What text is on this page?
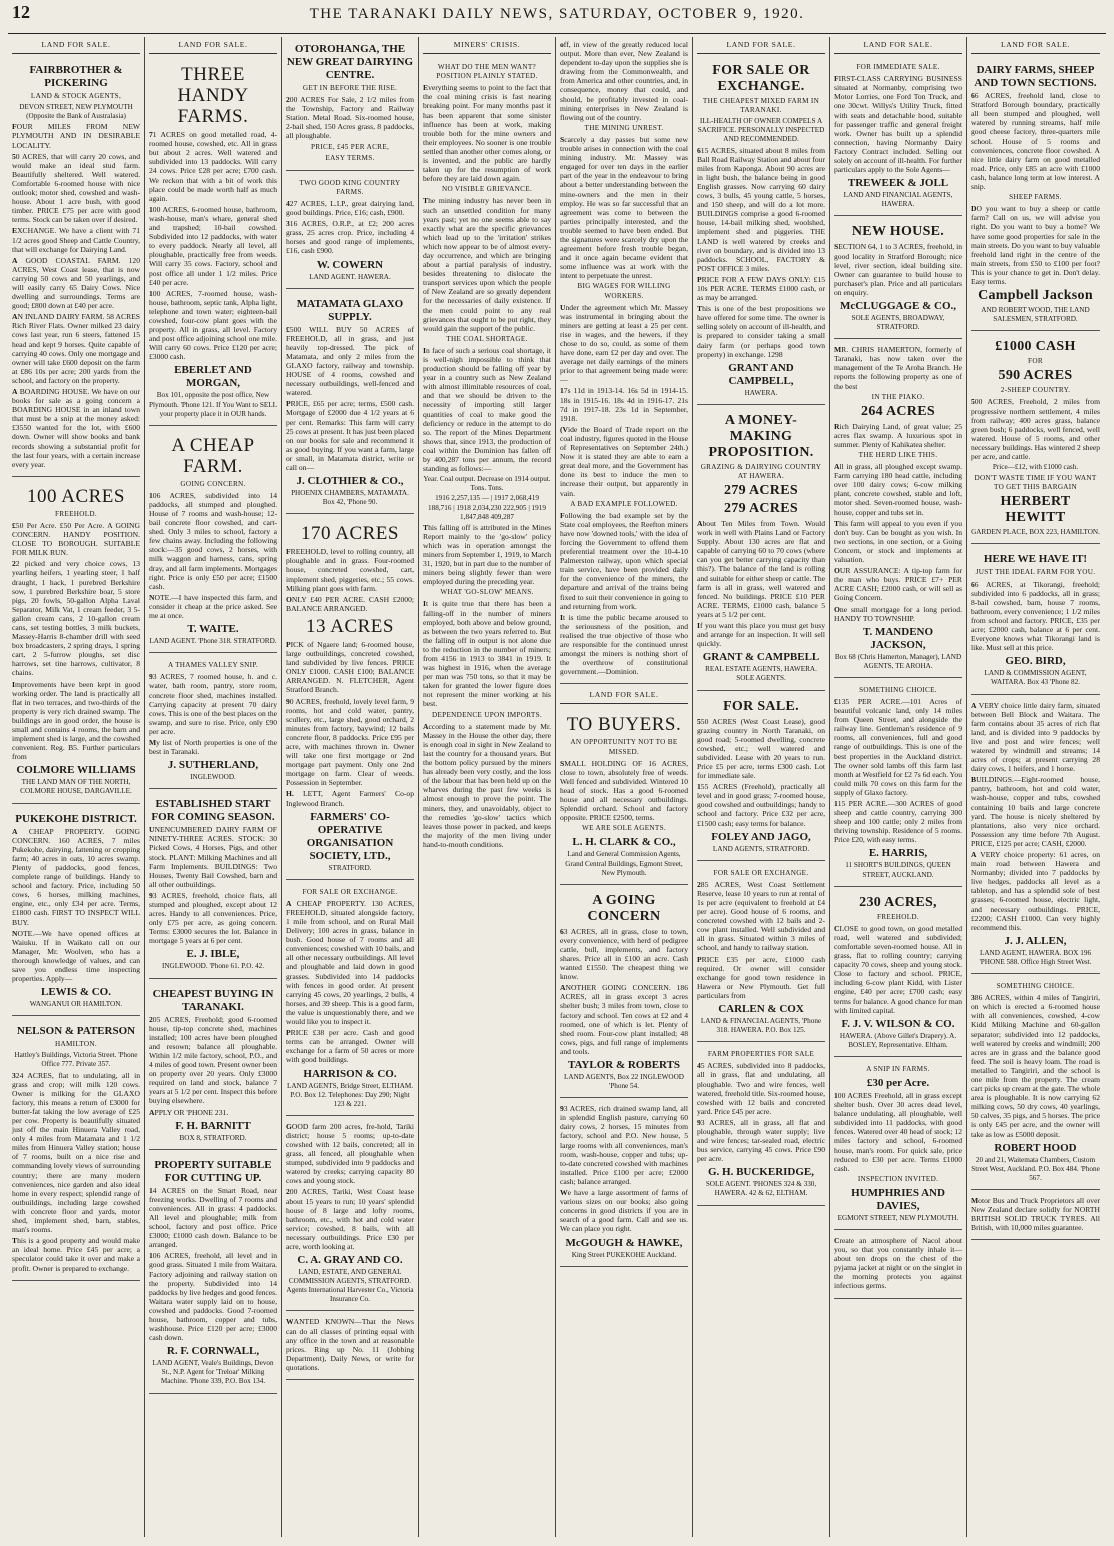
12	THE TARANAKI DAILY NEWS, SATURDAY, OCTOBER 9, 1920.
LAND FOR SALE.
FAIRBROTHER & PICKERING
LAND & STOCK AGENTS,
DEVON STREET, NEW PLYMOUTH (Opposite the Bank of Australasia)

FOUR MILES FROM NEW PLYMOUTH AND IN DESIRABLE LOCALITY.

50 ACRES, that will carry 20 cows, and would make an ideal stud farm. Beautifully sheltered. Well watered. Comfortable 6-roomed house with nice outlook; motor shed, cowshed and wash-house. About 1 acre bush, with good timber. PRICE £75 per acre with good terms. Stock can be taken over if desired.

EXCHANGE. We have a client with 71 1/2 acres good Sheep and Cattle Country, that will exchange for Dairying Land.

A GOOD COASTAL FARM. 120 ACRES, West Coast lease, that is now carrying 50 cows and 50 yearlings, and will easily carry 65 Dairy Cows. Nice dwelling and surroundings. Terms are good; £800 down at £40 per acre.

AN INLAND DAIRY FARM. 58 ACRES Rich River Flats. Owner milked 23 dairy cows last year, run 6 steers, fattened 15 head and kept 9 horses. Quite capable of carrying 40 cows. Only one mortgage and owner will take £600 deposit on the farm at £86 10s per acre; 200 yards from the school, and factory on the property.

A BOARDING HOUSE. We have on our books for sale as a going concern a BOARDING HOUSE in an inland town that must be a snip at the money asked: £3550 wanted for the lot, with £600 down. Owner will show books and bank records showing a substantial profit for the last four years, with a certain increase every year.

100 ACRES
FREEHOLD.

£50 Per Acre. £50 Per Acre. A GOING CONCERN. HANDY POSITION. CLOSE TO BOROUGH. SUITABLE FOR MILK RUN.

22 picked and very choice cows, 13 yearling heifers, 1 yearling steer, 1 half draught, 1 hack, 1 purebred Berkshire sow, 1 purebred Berkshire boar, 5 store pigs, 20 fowls, 50-gallon Alpha Laval Separator, Milk Vat, 1 cream feeder, 3 5-gallon cream cans, 2 10-gallon cream cans, set testing bottles, 3 milk buckets, Massey-Harris 8-chamber drill with seed box broadcasters, 2 spring drays, 1 spring cart, 2 5-furrow ploughs, set disc harrows, set tine harrows, cultivator, 8 chains.

Improvements have been kept in good working order. The land is practically all flat in two terraces, and two-thirds of the property is very rich drained swamp. The buildings are in good order, the house is small and contains 4 rooms, the barn and implement shed is large, and the cowshed convenient. Reg. B5. Further particulars from

COLMORE WILLIAMS
THE LAND MAN OF THE NORTH, COLMORE HOUSE, DARGAVILLE.
PUKEKOHE DISTRICT.

A CHEAP PROPERTY. GOING CONCERN. 160 ACRES, 7 miles Pukekohe, dairying, fattening or cropping farm; 40 acres in oats, 10 acres swamp. Plenty of paddocks, good fences, complete range of buildings. Handy to school and factory. Price, including 50 cows, 6 horses, milking machines, engine, etc., only £34 per acre. Terms, £1800 cash. FIRST TO INSPECT WILL BUY.

NOTE.—We have opened offices at Waiuku. If in Waikato call on our Manager, Mr. Woolven, who has a thorough knowledge of values, and can save you endless time inspecting properties. Apply—

LEWIS & CO.
WANGANUI OR HAMILTON.
NELSON & PATERSON
HAMILTON.
Hattley's Buildings, Victoria Street. 'Phone Office 777. Private 357.

324 ACRES, flat to undulating, all in grass and crop; will milk 120 cows. Owner is milking for the GLAXO factory, this means a return of £3000 for butter-fat taking the low average of £25 per cow. Property is beautifully situated just off the main Hinuera Valley road, only 4 miles from Matamata and 1 1/2 miles from Hinuera Valley station; house of 7 rooms, built on a nice rise and commanding lovely views of surrounding country; there are many modern conveniences, nice garden and also ideal home in every respect; splendid range of outbuildings, including large cowshed with concrete floor and yards, motor shed, implement shed, barn, stables, man's rooms.

This is a good property and would make an ideal home. Price £45 per acre; a speculator could take it over and make a profit. Owner is prepared to exchange.

LAND FOR SALE.
THREE HANDY FARMS.

71 ACRES on good metalled road, 4-roomed house, cowshed, etc. All in grass but about 2 acres. Well watered and subdivided into 13 paddocks. Will carry 24 cows. Price £28 per acre; £700 cash. We reckon that with a bit of work this place could be made worth half as much again.

100 ACRES, 6-roomed house, bathroom, wash-house, man's whare, general shed and trapshed; 10-bail cowshed. Subdivided into 12 paddocks, with water to every paddock. Nearly all level, all ploughable, practically free from weeds. Will carry 35 cows. Factory, school and post office all under 1 1/2 miles. Price £40 per acre.

100 ACRES, 7-roomed house, wash-house, bathroom, septic tank, Alpha light, telephone and town water; eighteen-bail cowshed, four-cow plant goes with the property. All in grass, all level. Factory and post office adjoining school one mile. Will carry 60 cows. Price £120 per acre; £3000 cash.

EBERLET AND MORGAN,
Box 101, opposite the post office, New Plymouth. 'Phone 121. If You Want to SELL your property place it in OUR hands.
A CHEAP FARM.
GOING CONCERN.

106 ACRES, subdivided into 14 paddocks, all stumped and ploughed. House of 7 rooms and wash-house; 12-bail concrete floor cowshed, and cart-shed. Only 3 miles to school, factory a few chains away. Including the following stock:—35 good cows, 2 horses, with milk waggon and harness, cans, spring dray, and all farm implements. Mortgages right. Price is only £50 per acre; £1500 cash.

NOTE.—I have inspected this farm, and consider it cheap at the price asked. See me at once.

T. WAITE.
LAND AGENT. 'Phone 318. STRATFORD.
A THAMES VALLEY SNIP.

93 ACRES, 7 roomed house, h. and c. water, bath room, pantry, store room, concrete floor shed, machines installed. Carrying capacity at present 70 dairy cows. This is one of the best places on the swamp, and sure to rise. Price, only £90 per acre.

My list of North properties is one of the best in Taranaki.

J. SUTHERLAND,
INGLEWOOD.
ESTABLISHED START FOR COMING SEASON.

UNENCUMBERED DAIRY FARM OF NINETY-THREE ACRES. STOCK: 30 Picked Cows, 4 Horses, Pigs, and other stock. PLANT: Milking Machines and all Farm Implements. BUILDINGS: Two Houses, Twenty Bail Cowshed, barn and all other outbuildings.

93 ACRES, freehold, choice flats, all stumped and ploughed, except about 12 acres. Handy to all conveniences. Price, only £75 per acre, as going concern. Terms: £3000 secures the lot. Balance in mortgage 5 years at 6 per cent.

E. J. IBLE,
INGLEWOOD. 'Phone 61. P.O. 42.
CHEAPEST BUYING IN TARANAKI.

205 ACRES, Freehold; good 6-roomed house, tip-top concrete shed, machines installed; 100 acres have been ploughed and resown; balance all ploughable. Within 1/2 mile factory, school, P.O., and 4 miles of good town. Present owner been on property over 20 years. Only £3000 required on land and stock, balance 7 years at 5 1/2 per cent. Inspect this before buying elsewhere.

APPLY OR 'PHONE 231.

F. H. BARNITT
BOX 8, STRATFORD.
PROPERTY SUITABLE FOR CUTTING UP.

14 ACRES on the Smart Road, near freezing works. Dwelling of 7 rooms and conveniences. All in grass: 4 paddocks. All level and ploughable; milk from school, factory and post office. Price £3000; £1000 cash down. Balance to be arranged.

106 ACRES, freehold, all level and in good grass. Situated 1 mile from Waitara. Factory adjoining and railway station on the property. Subdivided into 14 paddocks by live hedges and good fences. Waitara water supply laid on to house, cowshed and paddocks. Good 7-roomed house, bathroom, copper and tubs, washhouse. Price £120 per acre; £3000 cash down.

R. F. CORNWALL,
LAND AGENT, Veale's Buildings, Devon St., N.P. Agent for 'Treloar' Milking Machine. 'Phone 339, P.O. Box 134.
OTOROHANGA, THE NEW GREAT DAIRYING CENTRE.
GET IN BEFORE THE RISE.

200 ACRES For Sale, 2 1/2 miles from the Township, Factory and Railway Station. Metal Road. Six-roomed house, 2-bail shed, 150 Acres grass, 8 paddocks, all ploughable.

PRICE, £45 PER ACRE,
EASY TERMS.
TWO GOOD KING COUNTRY FARMS.

427 ACRES, L.I.P., great dairying land, good buildings. Price, £16; cash, £900.

316 ACRES, O.R.P., at £2; 200 acres grass, 25 acres crop. Price, including 4 horses and good range of implements, £16, cash £900.

W. COWERN
LAND AGENT. HAWERA.
MATAMATA GLAXO SUPPLY.

£500 WILL BUY 50 ACRES of FREEHOLD, all in grass, and just heavily top-dressed. The pick of Matamata, and only 2 miles from the GLAXO factory, railway and township. HOUSE of 4 rooms, cowshed and necessary outbuildings, well-fenced and watered.

PRICE, £65 per acre; terms, £500 cash. Mortgage of £2000 due 4 1/2 years at 6 per cent. Remarks: This farm will carry 25 cows at present. It has just been placed on our books for sale and recommend it as good buying. If you want a farm, large or small, in Matamata district, write or call on—

J. CLOTHIER & CO.,
PHOENIX CHAMBERS, MATAMATA. Box 42, 'Phone 90.
170 ACRES

FREEHOLD, level to rolling country, all ploughable and in grass. Four-roomed house, concreted cowshed, cart, implement shed, piggeries, etc.; 55 cows. Milking plant goes with farm.

ONLY £40 PER ACRE. CASH £2000; BALANCE ARRANGED.

13 ACRES

PICK of Ngaere land; 6-roomed house, large outbuildings, concreted cowshed, land subdivided by live fences. PRICE ONLY £1000. CASH £100; BALANCE ARRANGED. N. FLETCHER, Agent Stratford Branch.

90 ACRES, freehold, lovely level farm, 9 rooms, hot and cold water, pantry, scullery, etc., large shed, good orchard, 2 minutes from factory, baywind; 12 bails concrete floor, 8 paddocks. Price £95 per acre, with machines thrown in. Owner will take one first mortgage or 2nd mortgage part payment. Only one 2nd mortgage on farm. Clear of weeds. Possession in September.

H. LETT, Agent Farmers' Co-op Inglewood Branch.

FARMERS' CO-OPERATIVE ORGANISATION SOCIETY, LTD.,
STRATFORD.
FOR SALE OR EXCHANGE.

A CHEAP PROPERTY. 130 ACRES, FREEHOLD, situated alongside factory, 1 mile from school, and on Rural Mail Delivery; 100 acres in grass, balance in bush. Good house of 7 rooms and all conveniences; cowshed with 10 bails, and all other necessary outbuildings. All level and ploughable and laid down in good grasses. Subdivided into 14 paddocks with fences in good order. At present carrying 45 cows, 20 yearlings, 2 bulls, 4 horses, and 39 sheep. This is a good farm, the value is unquestionably there, and we would like you to inspect it.

PRICE £38 per acre. Cash and good terms can be arranged. Owner will exchange for a farm of 50 acres or more with good buildings.

HARRISON & CO.
LAND AGENTS, Bridge Street, ELTHAM. P.O. Box 12. Telephones: Day 290; Night 123 & 221.

GOOD farm 200 acres, fre-hold, Tariki district; house 5 rooms; up-to-date cowshed with 12 bails, concreted; all in grass, all fenced, all ploughable when stumped, subdivided into 9 paddocks and watered by creeks; carrying capacity 80 cows and young stock.

200 ACRES, Tariki, West Coast lease about 15 years to run; 10 years' splendid house of 8 large and lofty rooms, bathroom, etc., with hot and cold water service; cowshed, 8 bails, with all necessary outbuildings. Price £30 per acre, worth looking at.

C. A. GRAY AND CO.
LAND, ESTATE, AND GENERAL COMMISSION AGENTS, STRATFORD. Agents International Harvester Co., Victoria Insurance Co.

WANTED KNOWN—That the News can do all classes of printing equal with any office in the town and at reasonable prices. Ring up No. 11 (Jobbing Department), Daily News, or write for quotations.

MINERS' CRISIS.
WHAT DO THE MEN WANT? POSITION PLAINLY STATED.

Everything seems to point to the fact that the coal mining crisis is fast nearing breaking point. For many months past it has been apparent that some sinister influence has been at work, making trouble both for the mine owners and their employees. No sooner is one trouble settled than another other comes along, or is invented, and the public are hardly taken up for the resumption of work before they are laid down again.

NO VISIBLE GRIEVANCE.

The mining industry has never been in such an unsettled condition for many years past; yet no one seems able to say exactly what are the specific grievances which lead up to the 'irritation' strikes which now appear to be of almost every-day occurrence, and which are bringing about a partial paralysis of industry, besides threatening to dislocate the transport services upon which the people of New Zealand are so greatly dependent for the necessaries of daily existence. If the men could point to any real grievances that ought to be put right, they would gain the support of the public.

THE COAL SHORTAGE.

In face of such a serious coal shortage, it is well-nigh impossible to think that production should be falling off year by year in a country such as New Zealand with almost illimitable resources of coal, and that we should be driven to the necessity of importing still larger quantities of coal to make good the deficiency or reduce in the attempt to do so. The report of the Mines Department shows that, since 1913, the production of coal within the Dominion has fallen off by 400,287 tons per annum, the record standing as follows:—

Year. Coal output. Decrease on 1914 output. Tons. Tons.
1916 2,257,135 — | 1917 2,068,419 188,716 | 1918 2,034,230 222,905 | 1919 1,847,848 409,287

This falling off is attributed in the Mines Report mainly to the 'go-slow' policy which was in operation amongst the miners from September 1, 1919, to March 31, 1920, but in part due to the number of miners being slightly fewer than were employed during the preceding year.

WHAT 'GO-SLOW' MEANS.

It is quite true that there has been a falling-off in the number of miners employed, both above and below ground, as between the two years referred to. But the falling off in output is not alone due to the reduction in the number of miners; from 4156 in 1913 to 3841 in 1919. It was highest in 1916, when the average per man was 750 tons, so that it may be taken for granted the lower figure does not represent the miner working at his best.

DEPENDENCE UPON IMPORTS.

According to a statement made by Mr. Massey in the House the other day, there is enough coal in sight in New Zealand to last the country for a thousand years. But the bottom policy pursued by the miners has already been very costly, and the loss of the labour that has been held up on the wharves during the past few weeks is almost enough to prove the point. The miners, they, and unavoidably, object to the remedies 'go-slow' tactics which leaves those power in packed, and keeps the majority of the men living under hand-to-mouth conditions.

off, in view of the greatly reduced local output. More than ever, New Zealand is dependent to-day upon the supplies she is drawing from the Commonwealth, and from America and other countries, and, in consequence, money that could, and should, be profitably invested in coal-mining enterprises in New Zealand is flowing out of the country.

THE MINING UNREST.

Scarcely a day passes but some new trouble arises in connection with the coal mining industry. Mr. Massey was engaged for over ten days in the earlier part of the year in the endeavour to bring about a better understanding between the mine-owners and the men in their employ. He was so far successful that an agreement was come to between the parties principally interested, and the trouble seemed to have been ended. But the signatures were scarcely dry upon the agreement before fresh trouble began, and it once again became evident that some influence was at work with the intent to perpetuate the unrest.

BIG WAGES FOR WILLING WORKERS.

Under the agreement which Mr. Massey was instrumental in bringing about the miners are getting at least a 25 per cent. rise in wages, and the hewers, if they chose to do so, could, as some of them have done, earn £2 per day and over. The average net daily earnings of the miners prior to that agreement being made were:—

17s 11d in 1913-14. 16s 5d in 1914-15. 18s in 1915-16. 18s 4d in 1916-17. 21s 7d in 1917-18. 23s 1d in September, 1918.

(Vide the Board of Trade report on the coal industry, figures quoted in the House of Representatives on September 24th.) Now it is stated they are able to earn a great deal more, and the Government has done its best to induce the men to increase their output, but apparently in vain.

A BAD EXAMPLE FOLLOWED.

Following the bad example set by the State coal employees, the Reefton miners have now 'downed tools,' with the idea of forcing the Government to offend them preferential treatment over the 10-4-10 Palmerston railway, upon which special train service, have been provided daily for the convenience of the miners, the departure and arrival of the trains being fixed to suit their convenience in going to and returning from work.

It is time the public became aroused to the seriousness of the position, and realised the true objective of those who are responsible for the continued unrest amongst the miners is nothing short of the overthrow of constitutional government.—Dominion.

LAND FOR SALE.
TO BUYERS.
AN OPPORTUNITY NOT TO BE MISSED.

SMALL HOLDING OF 16 ACRES, close to town, absolutely free of weeds. Well fenced and subdivided. Wintered 10 head of stock. Has a good 6-roomed house and all necessary outbuildings. Splendid orchard. School and factory opposite. PRICE £2500, terms.

WE ARE SOLE AGENTS.
L. H. CLARK & CO.,
Land and General Commission Agents, Grand Central Buildings, Egmont Street, New Plymouth.
A GOING CONCERN

63 ACRES, all in grass, close to town, every convenience, with herd of pedigree cattle, bull, implements, and factory shares. Price all in £100 an acre. Cash wanted £1550. The cheapest thing we know.

ANOTHER GOING CONCERN. 186 ACRES, all in grass except 3 acres shelter bush; 3 miles from town, close to factory and school. Ten cows at £2 and 4 roomed, one of which is let. Plenty of shed room. Four-cow plant installed; 48 cows, pigs, and full range of implements and tools.

TAYLOR & ROBERTS
LAND AGENTS, Box 22 INGLEWOOD 'Phone 54.

93 ACRES, rich drained swamp land, all in splendid English pasture, carrying 60 dairy cows, 2 horses, 15 minutes from factory, school and P.O. New house, 5 large rooms with all conveniences, man's room, wash-house, copper and tubs; up-to-date concreted cowshed with machines installed. Price £100 per acre; £2000 cash; balance arranged.

We have a large assortment of farms of various sizes on our books; also going concerns in good districts if you are in search of a good farm. Call and see us. We can place you right.

McGOUGH & HAWKE,
King Street PUKEKOHE Auckland.
LAND FOR SALE.
FOR SALE OR EXCHANGE.
THE CHEAPEST MIXED FARM IN TARANAKI.
ILL-HEALTH OF OWNER COMPELS A SACRIFICE. PERSONALLY INSPECTED AND RECOMMENDED.

615 ACRES, situated about 8 miles from Ball Road Railway Station and about four miles from Kaponga. About 90 acres are in light bush, the balance being in good English grasses. Now carrying 60 dairy cows, 3 bulls, 45 young cattle, 5 horses, and 150 sheep, and will do a lot more. BUILDINGS comprise a good 6-roomed house, 14-bail milking shed, woolshed, implement shed and piggeries. THE LAND is well watered by creeks and river on boundary, and is divided into 13 paddocks. SCHOOL, FACTORY & POST OFFICE 3 miles.

PRICE FOR A FEW DAYS ONLY: £15 10s PER ACRE. TERMS £1000 cash, or as may be arranged.

This is one of the best propositions we have offered for some time. The owner is selling solely on account of ill-health, and is prepared to consider taking a small dairy farm (or perhaps good town property) in exchange. 1298

GRANT AND CAMPBELL,
HAWERA.
A MONEY-MAKING PROPOSITION.
GRAZING & DAIRYING COUNTRY AT HAWERA.
279 ACRES
279 ACRES

About Ten Miles from Town. Would work in well with Plains Land or Factory Supply. About 130 acres are flat and capable of carrying 60 to 70 cows (where can you get better carrying capacity than this?). The balance of the land is rolling and suitable for either sheep or cattle. The farm is all in grass, well watered and fenced. No buildings. PRICE £10 PER ACRE. TERMS, £1000 cash, balance 5 years at 5 1/2 per cent.

If you want this place you must get busy and arrange for an inspection. It will sell quickly.

GRANT & CAMPBELL
REAL ESTATE AGENTS, HAWERA. SOLE AGENTS.
FOR SALE.

550 ACRES (West Coast Lease), good grazing country in North Taranaki, on good road; 5-roomed dwelling, concrete cowshed, etc.; well watered and subdivided. Lease with 20 years to run. Price £5 per acre, terms £300 cash. Lot for immediate sale.

155 ACRES (Freehold), practically all level and in good grass; 7-roomed house, good cowshed and outbuildings; handy to school and factory. Price £32 per acre, £1500 cash; easy terms for balance.

FOLEY AND JAGO,
LAND AGENTS, STRATFORD.
FOR SALE OR EXCHANGE.

285 ACRES, West Coast Settlement Reserve, lease 10 years to run at rental of 1s per acre (equivalent to freehold at £4 per acre). Good house of 6 rooms, and concreted cowshed with 12 bails and 2-cow plant installed. Well subdivided and all in grass. Situated within 3 miles of school, and handy to railway station.

PRICE £35 per acre, £1000 cash required. Or owner will consider exchange for good town residence in Hawera or New Plymouth. Get full particulars from

CARLEN & COX
LAND & FINANCIAL AGENTS, 'Phone 318. HAWERA. P.O. Box 125.
FARM PROPERTIES FOR SALE

45 ACRES, subdivided into 8 paddocks, all in grass, flat and undulating, all ploughable. Two and wire fences, well watered, freehold title. Six-roomed house, cowshed with 12 bails and concreted yard. Price £45 per acre.

93 ACRES, all in grass, all flat and ploughable, through water supply; live and wire fences; tar-sealed road, electric bus service, carrying 45 cows. Price £90 per acre.

G. H. BUCKERIDGE,
SOLE AGENT. 'PHONES 324 & 330, HAWERA. 42 & 62, ELTHAM.
LAND FOR SALE.
FOR IMMEDIATE SALE.

FIRST-CLASS CARRYING BUSINESS situated at Normanby, comprising two Motor Lorries, one Ford Ton Truck, and one 30cwt. Willys's Utility Truck, fitted with seats and detachable hood, suitable for passenger traffic and general freight work. Owner has built up a splendid connection, having Normanby Dairy Factory Contract included. Selling out solely on account of ill-health. For further particulars apply to the Sole Agents—

TREWEEK & JOLL
LAND AND FINANCIAL AGENTS, HAWERA.
NEW HOUSE.

SECTION 64, 1 to 3 ACRES, freehold, in good locality in Stratford Borough; nice level, river section, ideal building site. Owner can guarantee to build house to purchaser's plan. Price and all particulars on enquiry.

McCLUGGAGE & CO.,
SOLE AGENTS, BROADWAY, STRATFORD.

MR. CHRIS HAMERTON, formerly of Taranaki, has now taken over the management of the Te Aroha Branch. He reports the following property as one of the best

IN THE PIAKO.
264 ACRES

Rich Dairying Land, of great value; 25 acres flax swamp. A luxurious spot in summer. Plenty of Kahikatea shelter.

THE HERD LIKE THIS.

All in grass, all ploughed except swamp. Farm carrying 180 head cattle, including over 100 dairy cows; 6-cow milking plant, concrete cowshed, stable and loft, motor shed. Seven-roomed house, wash-house, copper and tubs set in.

This farm will appeal to you even if you don't buy. Can be bought as you wish. In two sections, in one section, or a Going Concern, or stock and implements at valuation.

OUR ASSURANCE: A tip-top farm for the man who buys. PRICE £7+ PER ACRE CASH; £2000 cash, or will sell as Going Concern.

One small mortgage for a long period. HANDY TO TOWNSHIP.

T. MANDENO JACKSON,
Box 68 (Chris Hamerton, Manager), LAND AGENTS, TE AROHA.
SOMETHING CHOICE.

£135 PER ACRE.—101 Acres of beautiful volcanic land, only 14 miles from Queen Street, and alongside the railway line. Gentleman's residence of 9 rooms, all conveniences, full and good range of outbuildings. This is one of the best properties in the Auckland district. The owner sold lambs off this farm last month at Westfield for £2 7s 6d each. You could milk 70 cows on this farm for the supply of Glaxo factory.

115 PER ACRE.—300 ACRES of good sheep and cattle country, carrying 300 sheep and 100 cattle; only 2 miles from thriving township. Residence of 5 rooms. Price £20, with easy terms.

E. HARRIS,
11 SHORT'S BUILDINGS, QUEEN STREET, AUCKLAND.
230 ACRES,
FREEHOLD.

CLOSE to good town, on good metalled road, well watered and subdivided; comfortable seven-roomed house. All in grass, flat to rolling country; carrying capacity 70 cows, sheep and young stock. Close to factory and school. PRICE, including 6-cow plant Kidd, with Lister engine, £40 per acre; £700 cash; easy terms for balance. A good chance for man with limited capital.

F. J. V. WILSON & CO.
HAWERA. (Above Gillet's Drapery). A. BOSLEY, Representative. Eltham.
A SNIP IN FARMS.
£30 per Acre.

100 ACRES Freehold, all in grass except shelter bush. Over 30 acres dead level, balance undulating, all ploughable, well subdivided into 11 paddocks, with good fences. Watered over 40 head of stock; 12 miles factory and school, 6-roomed house, man's room. For quick sale, price reduced to £30 per acre. Terms £1000 cash.

INSPECTION INVITED.
HUMPHRIES AND DAVIES,
EGMONT STREET, NEW PLYMOUTH.

Create an atmosphere of Nacol about you, so that you constantly inhale it—about ten drops on the chest of the pyjama jacket at night or on the singlet in the morning protects you against infectious germs.

LAND FOR SALE.
DAIRY FARMS, SHEEP AND TOWN SECTIONS.

66 ACRES, freehold land, close to Stratford Borough boundary, practically all been stumped and ploughed, well watered by running streams, half mile good cheese factory, three-quarters mile school. House of 5 rooms and conveniences, concrete floor cowshed. A nice little dairy farm on good metalled road. Price, only £85 an acre with £1000 cash, balance long term at low interest. A snip.

SHEEP FARMS.

DO you want to buy a sheep or cattle farm? Call on us, we will advise you right. Do you want to buy a home? We have some good properties for sale in the main streets. Do you want to buy valuable freehold land right in the centre of the main streets, from £50 to £100 per foot? This is your chance to get in. Don't delay. Easy terms.

Campbell Jackson
AND ROBERT WOOD, THE LAND SALESMEN, STRATFORD.
£1000 CASH
FOR
590 ACRES
2-SHEEP COUNTRY.

500 ACRES, Freehold, 2 miles from progressive northern settlement, 4 miles from railway; 400 acres grass, balance green bush; 6 paddocks, well fenced, well watered. House of 5 rooms, and other necessary buildings. Has wintered 2 sheep per acre, and cattle.

Price—£12, with £1000 cash.
DON'T WASTE TIME IF YOU WANT TO GET THIS BARGAIN
HERBERT HEWITT
GARDEN PLACE, BOX 223, HAMILTON.
HERE WE HAVE IT!
JUST THE IDEAL FARM FOR YOU.

66 ACRES, at Tikorangi, freehold; subdivided into 6 paddocks, all in grass; 8-bail cowshed, barn, house 7 rooms, bathroom, every convenience; 1 1/2 miles from school and factory. PRICE, £35 per acre; £2000 cash, balance at 6 per cent. Everyone knows what Tikorangi land is like. Must sell at this price.

GEO. BIRD,
LAND & COMMISSION AGENT, WAITARA. Box 43 'Phone 82.

A VERY choice little dairy farm, situated between Bell Block and Waitara. The farm contains about 35 acres of rich flat land, and is divided into 9 paddocks by live and post and wire fences; well watered by windmill and streams; 14 acres of crops; at present carrying 28 dairy cows, 1 heifers, and 1 horse.

BUILDINGS.—Eight-roomed house, pantry, bathroom, hot and cold water, wash-house, copper and tubs, cowshed containing 10 bails and large concrete yard. The house is nicely sheltered by plantations, also very nice orchard. Possession any time before 7th August. PRICE, £125 per acre; CASH, £2000.

A VERY choice property: 61 acres, on main road between Hawera and Normanby; divided into 7 paddocks by live hedges, paddocks all level as a tabletop, and has a splendid sole of best grasses; 6-roomed house, electric light, and necessary outbuildings. PRICE, £2200; CASH £1000. Can very highly recommend this.

J. J. ALLEN,
LAND AGENT, HAWERA. BOX 196 'PHONE 588. Office High Street West.
SOMETHING CHOICE.

386 ACRES, within 4 miles of Tangiriri, on which is erected a 6-roomed house with all conveniences, cowshed, 4-cow Kidd Milking Machine and 60-gallon separator; subdivided into 12 paddocks, well watered by creeks and windmill; 200 acres are in grass and the balance good feed. The soil is heavy loam. The road is metalled to Tangiriri, and the school is one mile from the property. The cream cart picks up cream at the gate. The whole area is ploughable. It is now carrying 62 milking cows, 50 dry cows, 40 yearlings, 50 calves, 35 pigs, and 5 horses. The price is only £45 per acre, and the owner will take as low as £5000 deposit.

ROBERT HOOD
20 and 21, Waitemata Chambers, Custom Street West, Auckland. P.O. Box 484. 'Phone 567.

Motor Bus and Truck Proprietors all over New Zealand declare solidly for NORTH BRITISH SOLID TRUCK TYRES. All British, with 10,000 miles guarantee.
